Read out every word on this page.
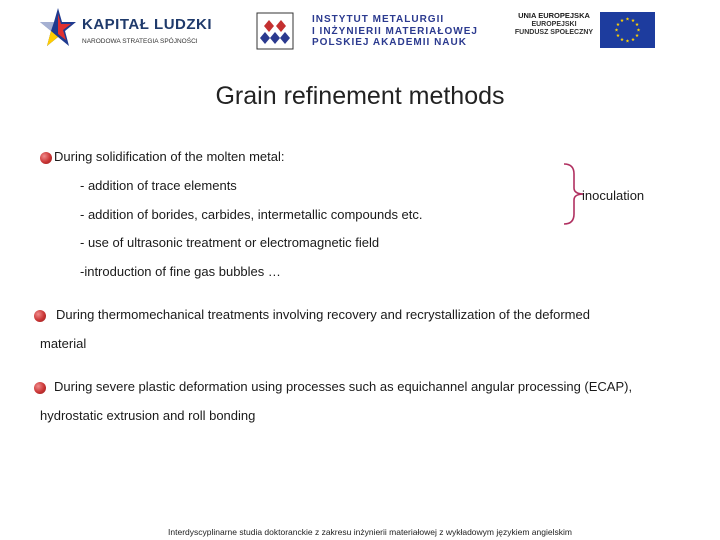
KAPITAŁ LUDZKI
NARODOWA STRATEGIA SPÓJNOŚCI
INSTYTUT METALURGII
I INŻYNIERII MATERIAŁOWEJ
POLSKIEJ AKADEMII NAUK
UNIA EUROPEJSKA
EUROPEJSKI
FUNDUSZ SPOŁECZNY
Grain refinement methods
During solidification of the molten metal:
- addition of trace elements
- addition of borides, carbides, intermetallic compounds etc.
- use of ultrasonic treatment or electromagnetic field
-introduction of fine gas bubbles …
inoculation
During thermomechanical treatments involving recovery and recrystallization of the deformed
material
During severe plastic deformation using processes such as equichannel angular processing (ECAP),
hydrostatic extrusion and roll bonding
Interdyscyplinarne studia doktoranckie z zakresu inżynierii materiałowej z wykładowym językiem angielskim
